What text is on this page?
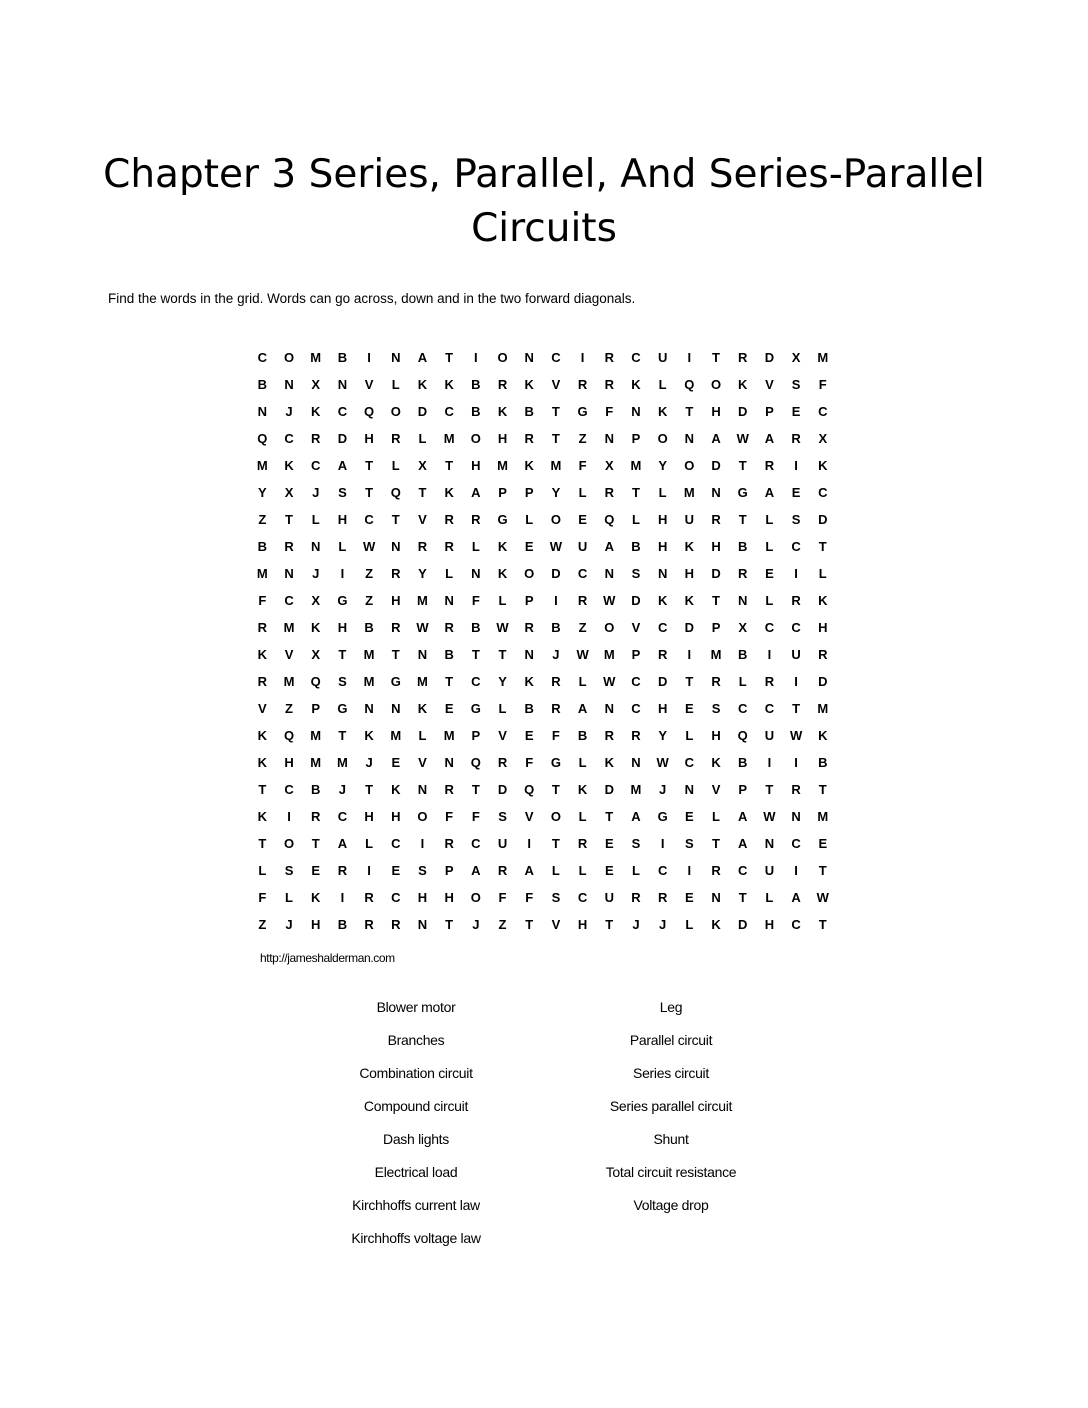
Chapter 3 Series, Parallel, And Series-Parallel Circuits

Find the words in the grid. Words can go across, down and in the two forward diagonals.

C	O	M	B	I	N	A	T	I	O	N	C	I	R	C	U	I	T	R	D	X	M
B	N	X	N	V	L	K	K	B	R	K	V	R	R	K	L	Q	O	K	V	S	F
N	J	K	C	Q	O	D	C	B	K	B	T	G	F	N	K	T	H	D	P	E	C
Q	C	R	D	H	R	L	M	O	H	R	T	Z	N	P	O	N	A	W	A	R	X
M	K	C	A	T	L	X	T	H	M	K	M	F	X	M	Y	O	D	T	R	I	K
Y	X	J	S	T	Q	T	K	A	P	P	Y	L	R	T	L	M	N	G	A	E	C
Z	T	L	H	C	T	V	R	R	G	L	O	E	Q	L	H	U	R	T	L	S	D
B	R	N	L	W	N	R	R	L	K	E	W	U	A	B	H	K	H	B	L	C	T
M	N	J	I	Z	R	Y	L	N	K	O	D	C	N	S	N	H	D	R	E	I	L
F	C	X	G	Z	H	M	N	F	L	P	I	R	W	D	K	K	T	N	L	R	K
R	M	K	H	B	R	W	R	B	W	R	B	Z	O	V	C	D	P	X	C	C	H
K	V	X	T	M	T	N	B	T	T	N	J	W	M	P	R	I	M	B	I	U	R
R	M	Q	S	M	G	M	T	C	Y	K	R	L	W	C	D	T	R	L	R	I	D
V	Z	P	G	N	N	K	E	G	L	B	R	A	N	C	H	E	S	C	C	T	M
K	Q	M	T	K	M	L	M	P	V	E	F	B	R	R	Y	L	H	Q	U	W	K
K	H	M	M	J	E	V	N	Q	R	F	G	L	K	N	W	C	K	B	I	I	B
T	C	B	J	T	K	N	R	T	D	Q	T	K	D	M	J	N	V	P	T	R	T
K	I	R	C	H	H	O	F	F	S	V	O	L	T	A	G	E	L	A	W	N	M
T	O	T	A	L	C	I	R	C	U	I	T	R	E	S	I	S	T	A	N	C	E
L	S	E	R	I	E	S	P	A	R	A	L	L	E	L	C	I	R	C	U	I	T
F	L	K	I	R	C	H	H	O	F	F	S	C	U	R	R	E	N	T	L	A	W
Z	J	H	B	R	R	N	T	J	Z	T	V	H	T	J	J	L	K	D	H	C	T

http://jameshalderman.com

Blower motor
Branches
Combination circuit
Compound circuit
Dash lights
Electrical load
Kirchhoffs current law
Kirchhoffs voltage law
Leg
Parallel circuit
Series circuit
Series parallel circuit
Shunt
Total circuit resistance
Voltage drop
